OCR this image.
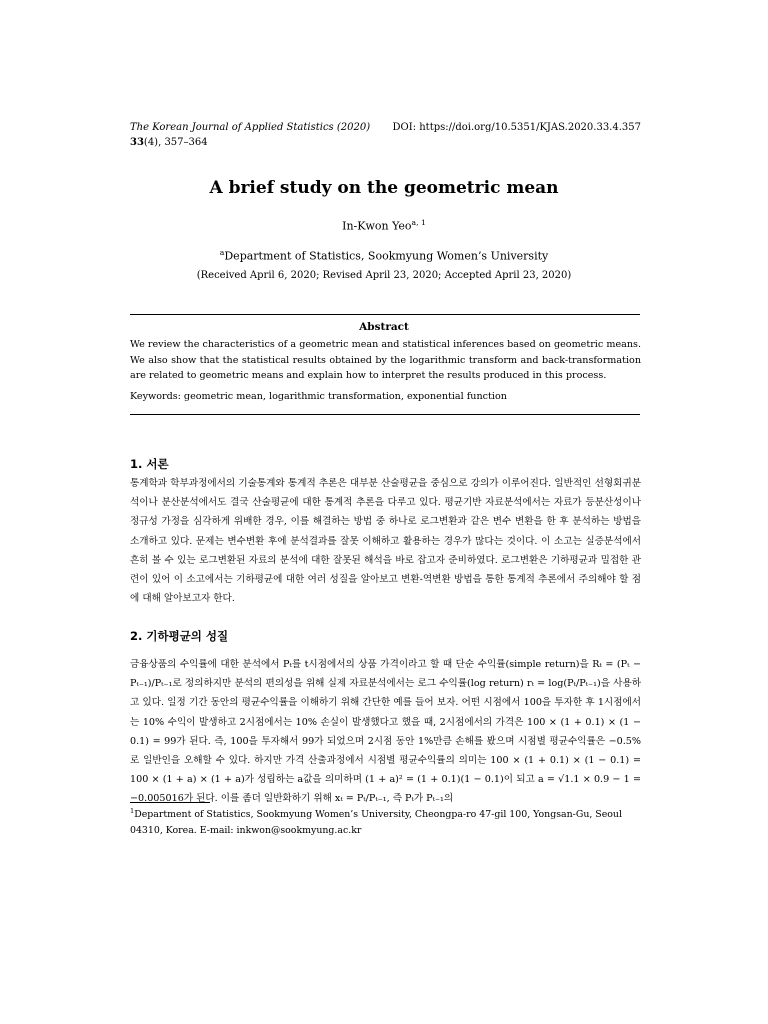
The Korean Journal of Applied Statistics (2020) DOI: https://doi.org/10.5351/KJAS.2020.33.4.357

33(4), 357–364

A brief study on the geometric mean

In-Kwon Yeo$^{a, 1}$

$^a$Department of Statistics, Sookmyung Women’s University

(Received April 6, 2020; Revised April 23, 2020; Accepted April 23, 2020)

Abstract

We review the characteristics of a geometric mean and statistical inferences based on geometric means. We also show that the statistical results obtained by the logarithmic transform and back-transformation are related to geometric means and explain how to interpret the results produced in this process.

Keywords: geometric mean, logarithmic transformation, exponential function

1. 서론

통계학과 학부과정에서의 기술통계와 통계적 추론은 대부분 산술평균을 중심으로 강의가 이루어진다. 일반적인 선형회귀분석이나 분산분석에서도 결국 산술평균에 대한 통계적 추론을 다루고 있다. 평균기반 자료분석에서는 자료가 등분산성이나 정규성 가정을 심각하게 위배한 경우, 이를 해결하는 방법 중 하나로 로그변환과 같은 변수 변환을 한 후 분석하는 방법을 소개하고 있다. 문제는 변수변환 후에 분석결과를 잘못 이해하고 활용하는 경우가 많다는 것이다. 이 소고는 실증분석에서 흔히 볼 수 있는 로그변환된 자료의 분석에 대한 잘못된 해석을 바로 잡고자 준비하였다. 로그변환은 기하평균과 밀접한 관련이 있어 이 소고에서는 기하평균에 대한 여러 성질을 알아보고 변환-역변환 방법을 통한 통계적 추론에서 주의해야 할 점에 대해 알아보고자 한다.

2. 기하평균의 성질

금융상품의 수익률에 대한 분석에서 Pₜ를 t시점에서의 상품 가격이라고 할 때 단순 수익률(simple return)을 Rₜ = (Pₜ − Pₜ₋₁)/Pₜ₋₁로 정의하지만 분석의 편의성을 위해 실제 자료분석에서는 로그 수익률(log return) rₜ = log(Pₜ/Pₜ₋₁)을 사용하고 있다. 일정 기간 동안의 평균수익률을 이해하기 위해 간단한 예를 들어 보자. 어떤 시점에서 100을 투자한 후 1시점에서는 10% 수익이 발생하고 2시점에서는 10% 손실이 발생했다고 했을 때, 2시점에서의 가격은 100 × (1 + 0.1) × (1 − 0.1) = 99가 된다. 즉, 100을 투자해서 99가 되었으며 2시점 동안 1%만큼 손해를 봤으며 시점별 평균수익률은 −0.5%로 일반인을 오해할 수 있다. 하지만 가격 산출과정에서 시점별 평균수익률의 의미는 100 × (1 + 0.1) × (1 − 0.1) = 100 × (1 + a) × (1 + a)가 성립하는 a값을 의미하며 (1 + a)² = (1 + 0.1)(1 − 0.1)이 되고 a = √1.1 × 0.9 − 1 = −0.005016가 된다. 이를 좀더 일반화하기 위해 xₜ = Pₜ/Pₜ₋₁, 즉 Pₜ가 Pₜ₋₁의

$^1$Department of Statistics, Sookmyung Women’s University, Cheongpa-ro 47-gil 100, Yongsan-Gu, Seoul 04310, Korea. E-mail: inkwon@sookmyung.ac.kr
